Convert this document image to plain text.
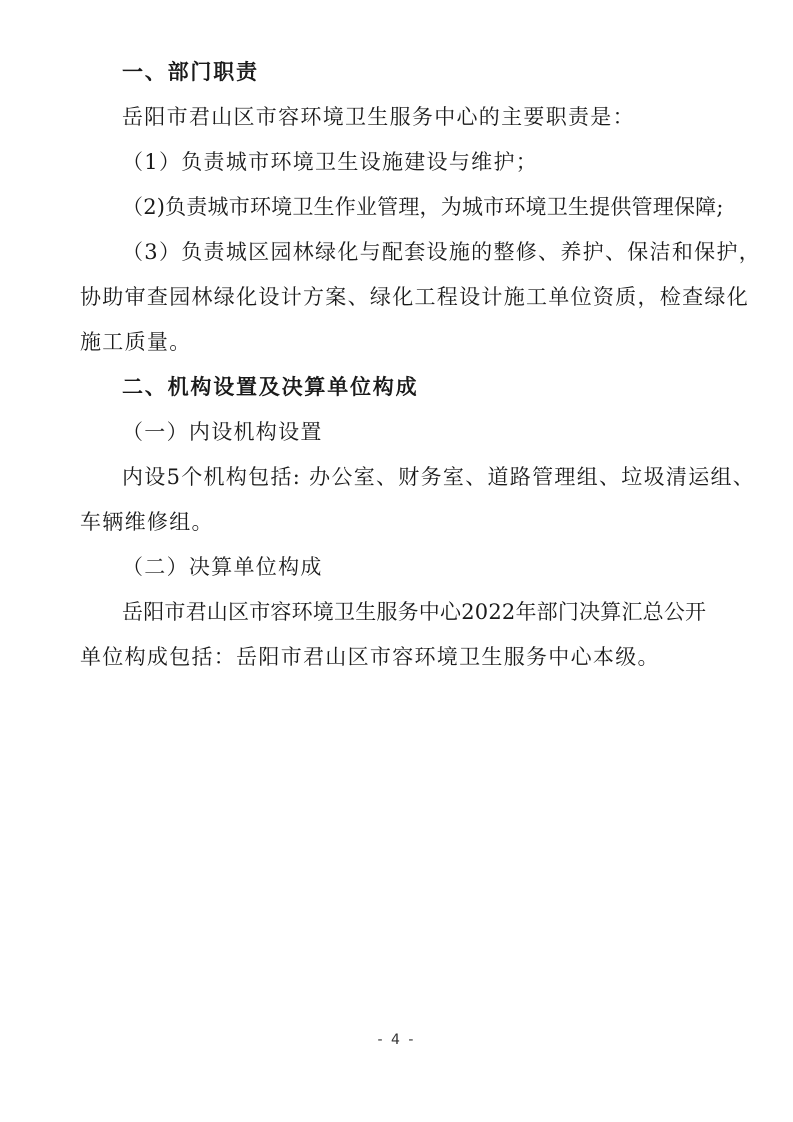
一、部门职责
岳阳市君山区市容环境卫生服务中心的主要职责是：
（1）负责城市环境卫生设施建设与维护；
（2)负责城市环境卫生作业管理，为城市环境卫生提供管理保障;
（3）负责城区园林绿化与配套设施的整修、养护、保洁和保护，
协助审查园林绿化设计方案、绿化工程设计施工单位资质，检查绿化
施工质量。
二、机构设置及决算单位构成
（一）内设机构设置
内设5个机构包括: 办公室、财务室、道路管理组、垃圾清运组、
车辆维修组。
（二）决算单位构成
岳阳市君山区市容环境卫生服务中心2022年部门决算汇总公开
单位构成包括：岳阳市君山区市容环境卫生服务中心本级。
- 4 -
